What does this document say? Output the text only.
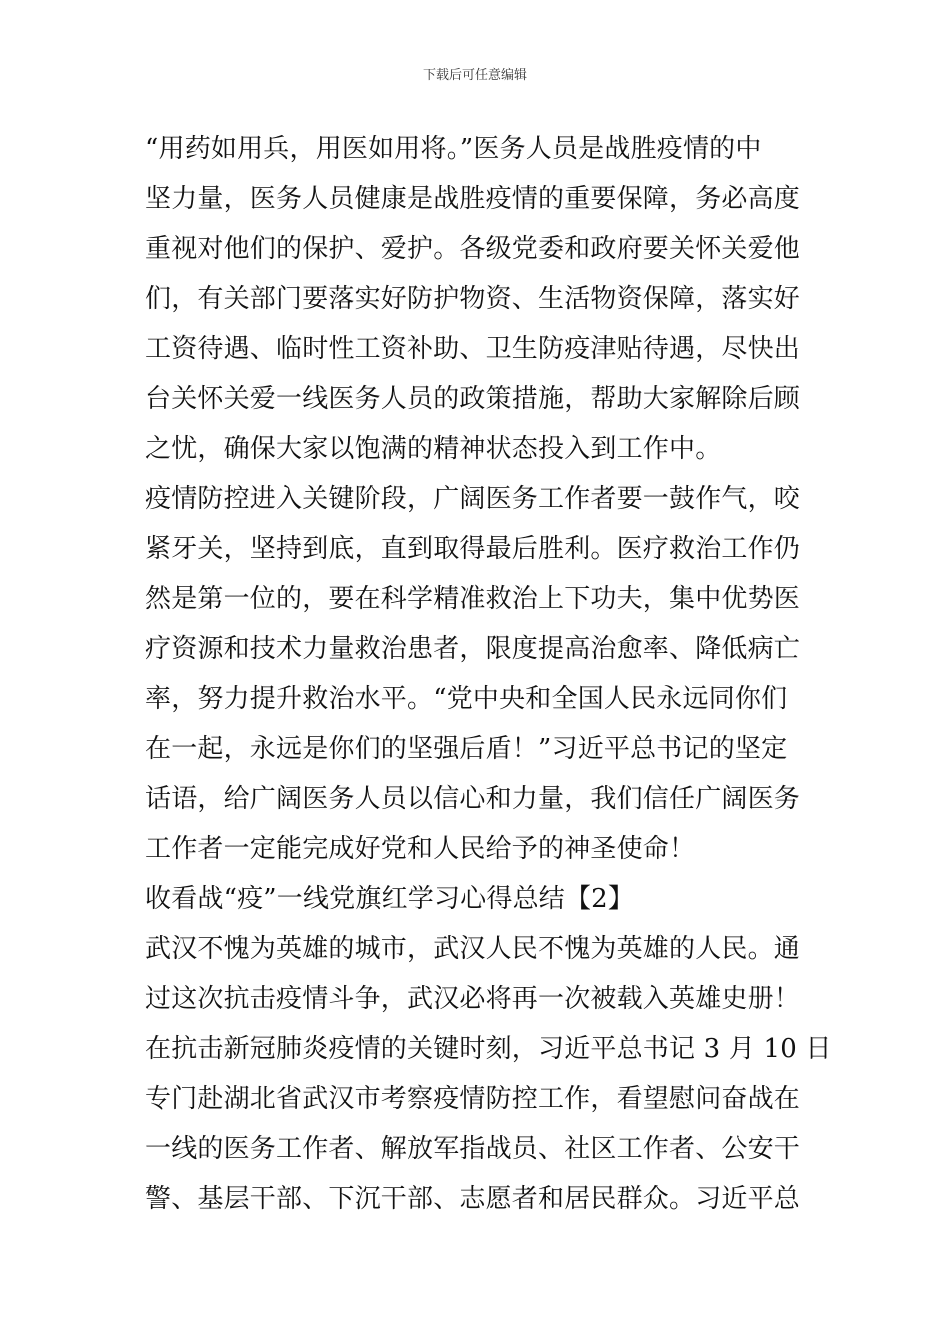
下载后可任意编辑
“用药如用兵，用医如用将。”医务人员是战胜疫情的中
坚力量，医务人员健康是战胜疫情的重要保障，务必高度
重视对他们的保护、爱护。各级党委和政府要关怀关爱他
们，有关部门要落实好防护物资、生活物资保障，落实好
工资待遇、临时性工资补助、卫生防疫津贴待遇，尽快出
台关怀关爱一线医务人员的政策措施，帮助大家解除后顾
之忧，确保大家以饱满的精神状态投入到工作中。
疫情防控进入关键阶段，广阔医务工作者要一鼓作气，咬
紧牙关，坚持到底，直到取得最后胜利。医疗救治工作仍
然是第一位的，要在科学精准救治上下功夫，集中优势医
疗资源和技术力量救治患者，限度提高治愈率、降低病亡
率，努力提升救治水平。“党中央和全国人民永远同你们
在一起，永远是你们的坚强后盾！”习近平总书记的坚定
话语，给广阔医务人员以信心和力量，我们信任广阔医务
工作者一定能完成好党和人民给予的神圣使命！
收看战“疫”一线党旗红学习心得总结【2】
武汉不愧为英雄的城市，武汉人民不愧为英雄的人民。通
过这次抗击疫情斗争，武汉必将再一次被载入英雄史册！
在抗击新冠肺炎疫情的关键时刻，习近平总书记 3 月 10 日
专门赴湖北省武汉市考察疫情防控工作，看望慰问奋战在
一线的医务工作者、解放军指战员、社区工作者、公安干
警、基层干部、下沉干部、志愿者和居民群众。习近平总
